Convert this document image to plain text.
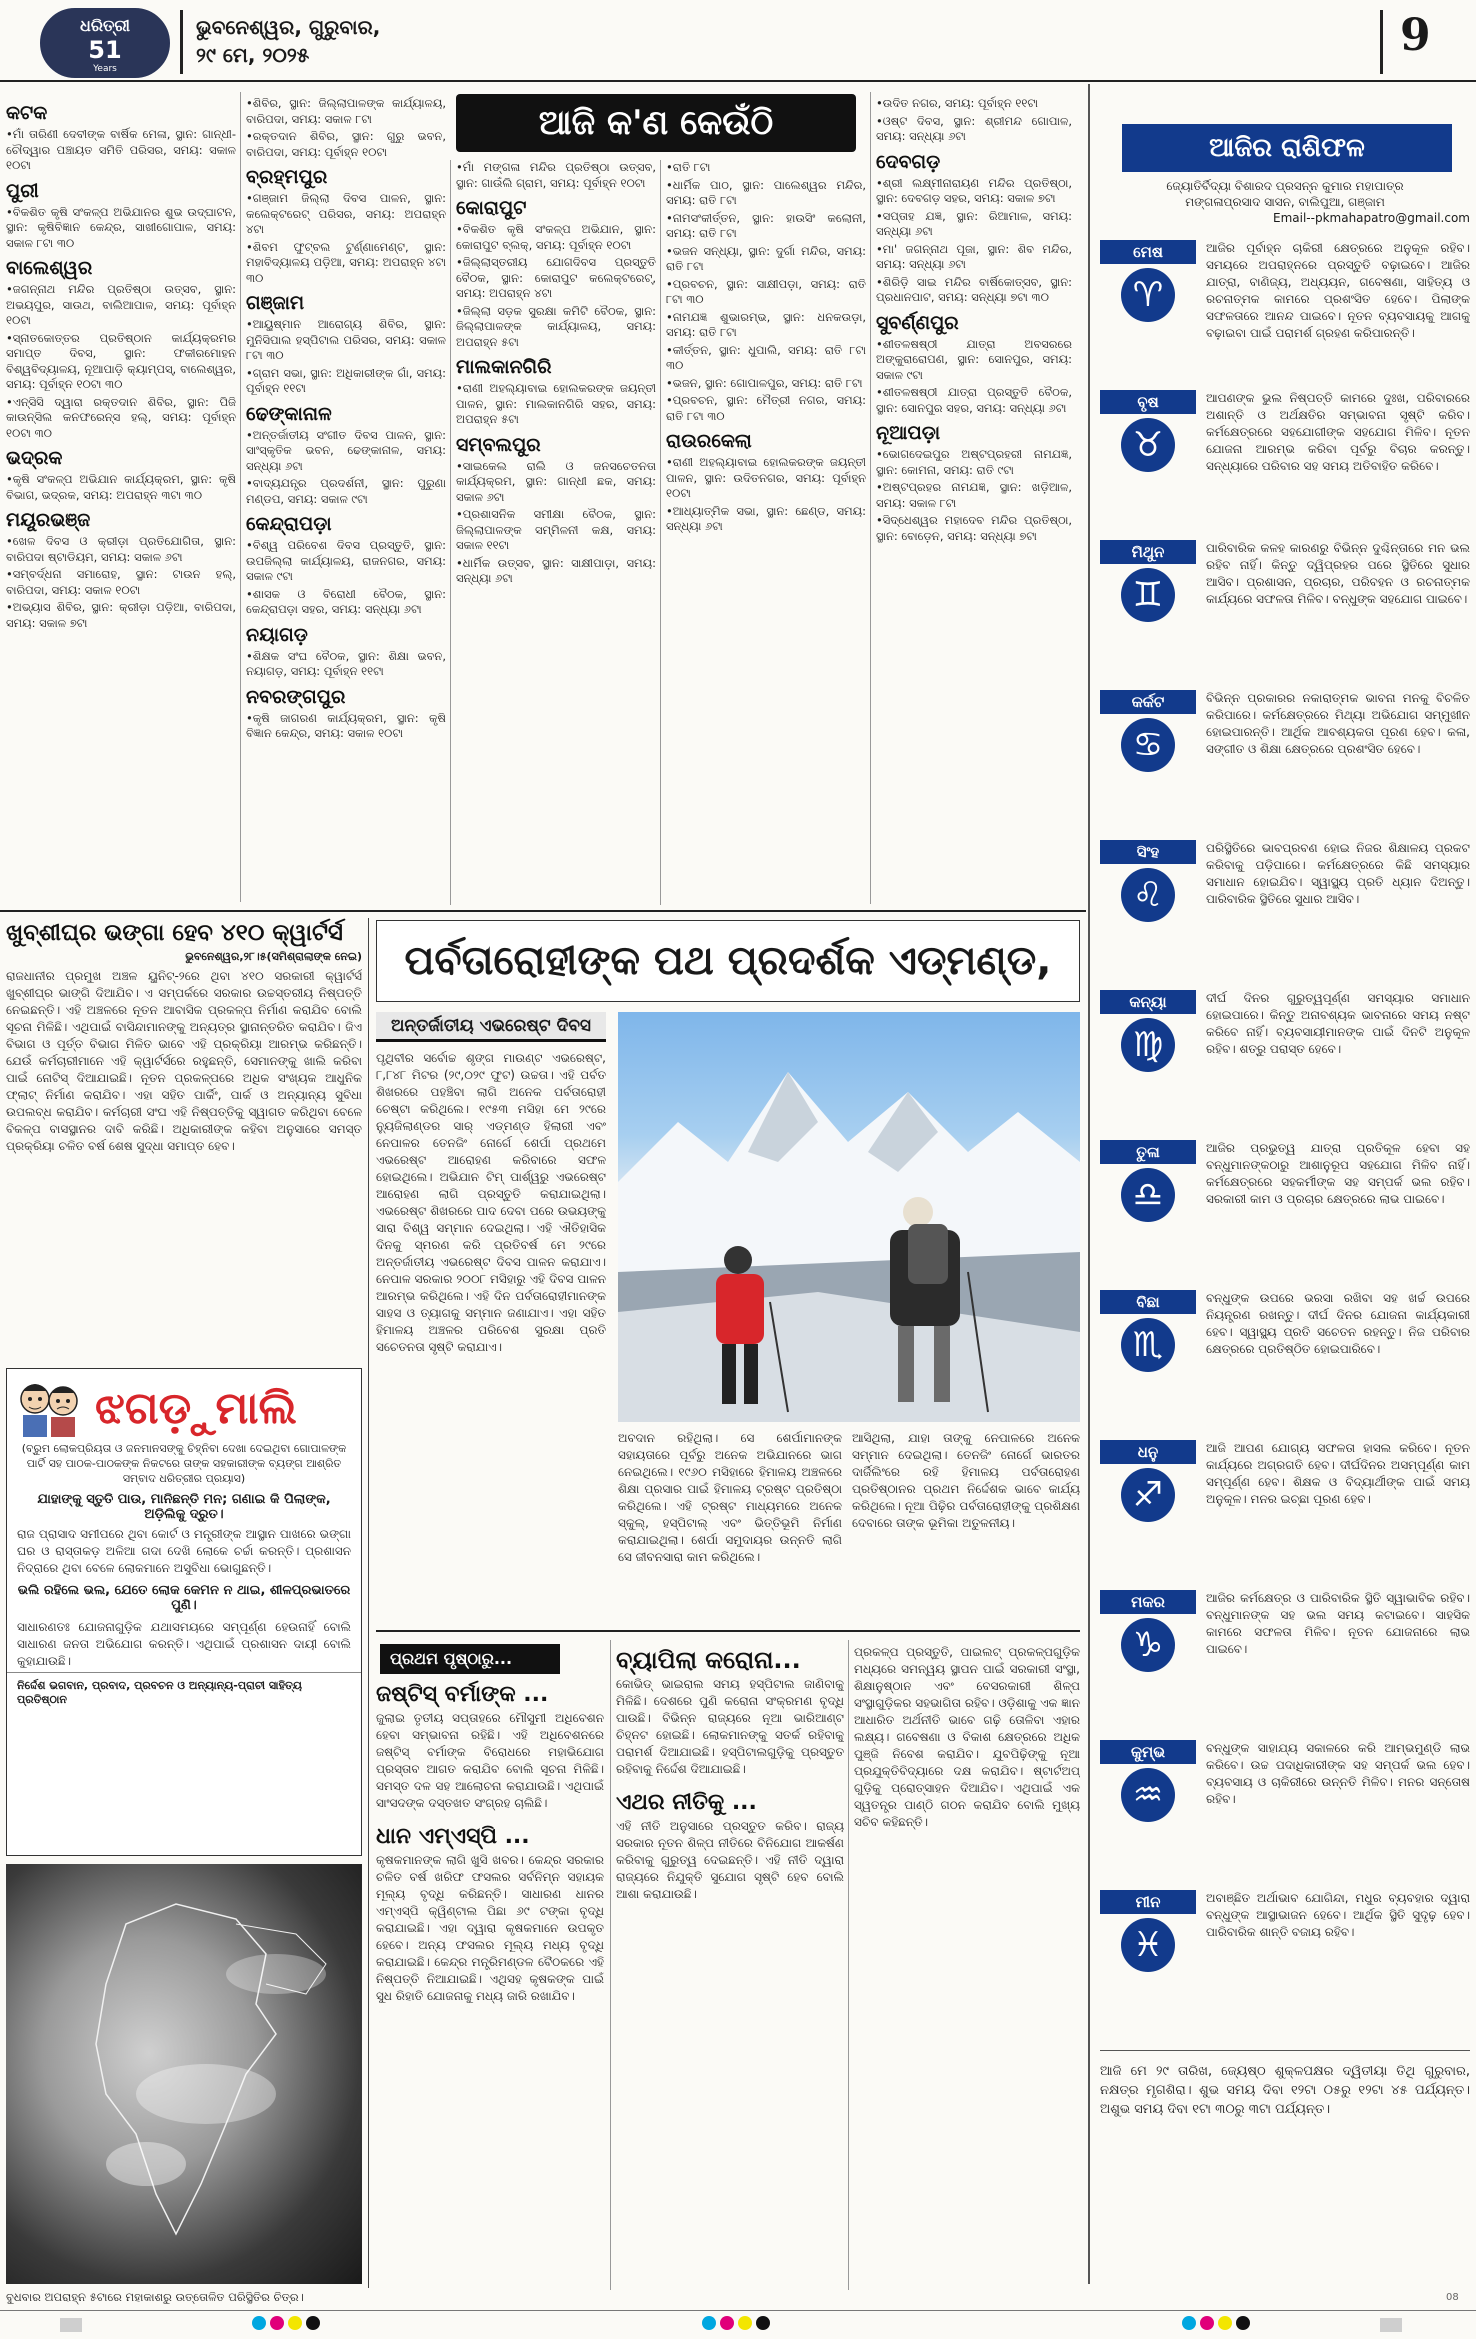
ଧରିତ୍ରୀ
51
Years
ଭୁବନେଶ୍ୱର, ଗୁରୁବାର,
୨୯ ମେ, ୨୦୨୫	9
ଆଜି କ'ଣ କେଉଁଠି
କଟକ

• ମାଁ ତାରିଣୀ ଦେବୀଙ୍କ ବାର୍ଷିକ ମେଳା, ସ୍ଥାନ: ଗାନ୍ଧୀ-ଚୌଦ୍ୱାର ପଞ୍ଚାୟତ ସମିତି ପରିସର, ସମୟ: ସକାଳ ୧୦ଟା

ପୁରୀ

• ବିକଶିତ କୃଷି ସଂକଳ୍ପ ଅଭିଯାନର ଶୁଭ ଉଦ୍‌ଘାଟନ, ସ୍ଥାନ: କୃଷିବିଜ୍ଞାନ କେନ୍ଦ୍ର, ସାଖୀଗୋପାଳ, ସମୟ: ସକାଳ ୮ଟା ୩୦

ବାଲେଶ୍ୱର

• ଜଗନ୍ନାଥ ମନ୍ଦିର ପ୍ରତିଷ୍ଠା ଉତ୍ସବ, ସ୍ଥାନ: ଅଭୟପୁର, ସାଉଥ, ବାଲିଆପାଳ, ସମୟ: ପୂର୍ବାହ୍ନ ୧୦ଟା

• ସ୍ନାତକୋତ୍ତର ପ୍ରତିଷ୍ଠାନ କାର୍ଯ୍ୟକ୍ରମର ସମାପ୍ତ ଦିବସ, ସ୍ଥାନ: ଫକୀରମୋହନ ବିଶ୍ୱବିଦ୍ୟାଳୟ, ନୂଆପାଡ଼ି କ୍ୟାମ୍ପସ୍, ବାଲେଶ୍ୱର, ସମୟ: ପୂର୍ବାହ୍ନ ୧୦ଟା ୩୦

• ଏନ୍‌ସିସି ଦ୍ୱାରା ରକ୍ତଦାନ ଶିବିର, ସ୍ଥାନ: ପିଜି କାଉନ୍ସିଲ କନଫରେନ୍ସ ହଲ୍, ସମୟ: ପୂର୍ବାହ୍ନ ୧୦ଟା ୩୦

ଭଦ୍ରକ

• କୃଷି ସଂକଳ୍ପ ଅଭିଯାନ କାର୍ଯ୍ୟକ୍ରମ, ସ୍ଥାନ: କୃଷି ବିଭାଗ, ଭଦ୍ରକ, ସମୟ: ଅପରାହ୍ନ ୩ଟା ୩୦

ମୟୂରଭଞ୍ଜ

• ଖେଳ ଦିବସ ଓ କ୍ରୀଡ଼ା ପ୍ରତିଯୋଗିତା, ସ୍ଥାନ: ବାରିପଦା ଷ୍ଟାଡିୟମ, ସମୟ: ସକାଳ ୬ଟା

• ସମ୍ବର୍ଦ୍ଧନା ସମାରୋହ, ସ୍ଥାନ: ଟାଉନ ହଲ୍, ବାରିପଦା, ସମୟ: ସକାଳ ୧୦ଟା

• ଅଭ୍ୟାସ ଶିବିର, ସ୍ଥାନ: କ୍ରୀଡ଼ା ପଡ଼ିଆ, ବାରିପଦା, ସମୟ: ସକାଳ ୭ଟା

• ଶିବିର, ସ୍ଥାନ: ଜିଲ୍ଲାପାଳଙ୍କ କାର୍ଯ୍ୟାଳୟ, ବାରିପଦା, ସମୟ: ସକାଳ ୮ଟା

• ରକ୍ତଦାନ ଶିବିର, ସ୍ଥାନ: ଗୁରୁ ଭବନ, ବାରିପଦା, ସମୟ: ପୂର୍ବାହ୍ନ ୧୦ଟା

ବ୍ରହ୍ମପୁର

• ଗଞ୍ଜାମ ଜିଲ୍ଲା ଦିବସ ପାଳନ, ସ୍ଥାନ: କଲେକ୍ଟରେଟ୍ ପରିସର, ସମୟ: ଅପରାହ୍ନ ୪ଟା

• ଶିବମ ଫୁଟ୍‌ବଲ ଟୁର୍ଣ୍ଣାମେଣ୍ଟ, ସ୍ଥାନ: ମହାବିଦ୍ୟାଳୟ ପଡ଼ିଆ, ସମୟ: ଅପରାହ୍ନ ୪ଟା ୩୦

ଗଞ୍ଜାମ

• ଆୟୁଷ୍ମାନ ଆରୋଗ୍ୟ ଶିବିର, ସ୍ଥାନ: ମୁନିସିପାଲ ହସ୍ପିଟାଲ ପରିସର, ସମୟ: ସକାଳ ୮ଟା ୩୦

• ଗ୍ରାମ ସଭା, ସ୍ଥାନ: ଅଧିକାରୀଙ୍କ ଗାଁ, ସମୟ: ପୂର୍ବାହ୍ନ ୧୧ଟା

ଢେଙ୍କାନାଳ

• ଅନ୍ତର୍ଜାତୀୟ ସଂଗୀତ ଦିବସ ପାଳନ, ସ୍ଥାନ: ସାଂସ୍କୃତିକ ଭବନ, ଢେଙ୍କାନାଳ, ସମୟ: ସନ୍ଧ୍ୟା ୬ଟା

• ବାଦ୍ୟଯନ୍ତ୍ର ପ୍ରଦର୍ଶନୀ, ସ୍ଥାନ: ପୁରୁଣା ମଣ୍ଡପ, ସମୟ: ସକାଳ ୯ଟା

କେନ୍ଦ୍ରାପଡ଼ା

• ବିଶ୍ୱ ପରିବେଶ ଦିବସ ପ୍ରସ୍ତୁତି, ସ୍ଥାନ: ଉପଜିଲ୍ଲା କାର୍ଯ୍ୟାଳୟ, ରାଜନଗର, ସମୟ: ସକାଳ ୯ଟା

• ଶାସକ ଓ ବିରୋଧୀ ବୈଠକ, ସ୍ଥାନ: କେନ୍ଦ୍ରାପଡ଼ା ସହର, ସମୟ: ସନ୍ଧ୍ୟା ୬ଟା

ନୟାଗଡ଼

• ଶିକ୍ଷକ ସଂଘ ବୈଠକ, ସ୍ଥାନ: ଶିକ୍ଷା ଭବନ, ନୟାଗଡ଼, ସମୟ: ପୂର୍ବାହ୍ନ ୧୧ଟା

ନବରଙ୍ଗପୁର

• କୃଷି ଜାଗରଣ କାର୍ଯ୍ୟକ୍ରମ, ସ୍ଥାନ: କୃଷି ବିଜ୍ଞାନ କେନ୍ଦ୍ର, ସମୟ: ସକାଳ ୧୦ଟା

• ମାଁ ମଙ୍ଗଳା ମନ୍ଦିର ପ୍ରତିଷ୍ଠା ଉତ୍ସବ, ସ୍ଥାନ: ଗାଉଁଲି ଗ୍ରାମ, ସମୟ: ପୂର୍ବାହ୍ନ ୧୦ଟା

କୋରାପୁଟ

• ବିକଶିତ କୃଷି ସଂକଳ୍ପ ଅଭିଯାନ, ସ୍ଥାନ: କୋରାପୁଟ ବ୍ଲକ୍, ସମୟ: ପୂର୍ବାହ୍ନ ୧୦ଟା

• ଜିଲ୍ଲାସ୍ତରୀୟ ଯୋଗଦିବସ ପ୍ରସ୍ତୁତି ବୈଠକ, ସ୍ଥାନ: କୋରାପୁଟ କଲେକ୍ଟରେଟ୍, ସମୟ: ଅପରାହ୍ନ ୪ଟା

• ଜିଲ୍ଲା ସଡ଼କ ସୁରକ୍ଷା କମିଟି ବୈଠକ, ସ୍ଥାନ: ଜିଲ୍ଲାପାଳଙ୍କ କାର୍ଯ୍ୟାଳୟ, ସମୟ: ଅପରାହ୍ନ ୫ଟା

ମାଲକାନଗିରି

• ରାଣୀ ଅହଲ୍ୟାବାଇ ହୋଲକରଙ୍କ ଜୟନ୍ତୀ ପାଳନ, ସ୍ଥାନ: ମାଲକାନଗିରି ସହର, ସମୟ: ଅପରାହ୍ନ ୫ଟା

ସମ୍ବଲପୁର

• ସାଇକେଲ ରାଲି ଓ ଜନସଚେତନତା କାର୍ଯ୍ୟକ୍ରମ, ସ୍ଥାନ: ଗାନ୍ଧୀ ଛକ, ସମୟ: ସକାଳ ୬ଟା

• ପ୍ରଶାସନିକ ସମୀକ୍ଷା ବୈଠକ, ସ୍ଥାନ: ଜିଲ୍ଲାପାଳଙ୍କ ସମ୍ମିଳନୀ କକ୍ଷ, ସମୟ: ସକାଳ ୧୧ଟା

• ଧାର୍ମିକ ଉତ୍ସବ, ସ୍ଥାନ: ସାକ୍ଷୀପାଡ଼ା, ସମୟ: ସନ୍ଧ୍ୟା ୬ଟା

• ରାତି ୮ଟା

• ଧାର୍ମିକ ପାଠ, ସ୍ଥାନ: ପାଲେଶ୍ୱର ମନ୍ଦିର, ସମୟ: ରାତି ୮ଟା

• ନାମସଂକୀର୍ତ୍ତନ, ସ୍ଥାନ: ହାଉସିଂ କଲୋନୀ, ସମୟ: ରାତି ୮ଟା

• ଭଜନ ସନ୍ଧ୍ୟା, ସ୍ଥାନ: ଦୁର୍ଗା ମନ୍ଦିର, ସମୟ: ରାତି ୮ଟା

• ପ୍ରବଚନ, ସ୍ଥାନ: ସାକ୍ଷୀପଡ଼ା, ସମୟ: ରାତି ୮ଟା ୩୦

• ନାମଯଜ୍ଞ ଶୁଭାରମ୍ଭ, ସ୍ଥାନ: ଧନକଉଡ଼ା, ସମୟ: ରାତି ୮ଟା

• କୀର୍ତ୍ତନ, ସ୍ଥାନ: ଧୁପାଲି, ସମୟ: ରାତି ୮ଟା ୩୦

• ଭଜନ, ସ୍ଥାନ: ଗୋପାଳପୁର, ସମୟ: ରାତି ୮ଟା

• ପ୍ରବଚନ, ସ୍ଥାନ: ମୈତ୍ରୀ ନଗର, ସମୟ: ରାତି ୮ଟା ୩୦

ରାଉରକେଲା

• ରାଣୀ ଅହଲ୍ୟାବାଇ ହୋଲକରଙ୍କ ଜୟନ୍ତୀ ପାଳନ, ସ୍ଥାନ: ଉଦିତନଗର, ସମୟ: ପୂର୍ବାହ୍ନ ୧୦ଟା

• ଆଧ୍ୟାତ୍ମିକ ସଭା, ସ୍ଥାନ: ଛେଣ୍ଡ, ସମୟ: ସନ୍ଧ୍ୟା ୬ଟା

• ଉଦିତ ନଗର, ସମୟ: ପୂର୍ବାହ୍ନ ୧୧ଟା

• ଓଷ୍ଟ ଦିବସ, ସ୍ଥାନ: ଶ୍ରୀମନ୍ଦ ଗୋପାଳ, ସମୟ: ସନ୍ଧ୍ୟା ୬ଟା

ଦେବଗଡ଼

• ଶ୍ରୀ ଲକ୍ଷ୍ମୀନାରାୟଣ ମନ୍ଦିର ପ୍ରତିଷ୍ଠା, ସ୍ଥାନ: ଦେବଗଡ଼ ସହର, ସମୟ: ସକାଳ ୭ଟା

• ସପ୍ତାହ ଯଜ୍ଞ, ସ୍ଥାନ: ରିଆମାଳ, ସମୟ: ସନ୍ଧ୍ୟା ୬ଟା

• ମା' ଜଗନ୍ନାଥ ପୂଜା, ସ୍ଥାନ: ଶିବ ମନ୍ଦିର, ସମୟ: ସନ୍ଧ୍ୟା ୬ଟା

• ଶିରିଡ଼ି ସାଇ ମନ୍ଦିର ବାର୍ଷିକୋତ୍ସବ, ସ୍ଥାନ: ପ୍ରଧାନପାଟ, ସମୟ: ସନ୍ଧ୍ୟା ୭ଟା ୩୦

ସୁବର୍ଣ୍ଣପୁର

• ଶୀତଳଷଷ୍ଠୀ ଯାତ୍ରା ଅବସରରେ ଅଙ୍କୁରାରୋପଣ, ସ୍ଥାନ: ସୋନପୁର, ସମୟ: ସକାଳ ୯ଟା

• ଶୀତଳଷଷ୍ଠୀ ଯାତ୍ରା ପ୍ରସ୍ତୁତି ବୈଠକ, ସ୍ଥାନ: ସୋନପୁର ସହର, ସମୟ: ସନ୍ଧ୍ୟା ୬ଟା

ନୂଆପଡ଼ା

• ଭୋଗଦେଇପୁର ଅଷ୍ଟପ୍ରହରୀ ନାମଯଜ୍ଞ, ସ୍ଥାନ: କୋମନା, ସମୟ: ରାତି ୯ଟା

• ଅଷ୍ଟପ୍ରହର ନାମଯଜ୍ଞ, ସ୍ଥାନ: ଖଡ଼ିଆଳ, ସମୟ: ସକାଳ ୮ଟା

• ସିଦ୍ଧେଶ୍ୱର ମହାଦେବ ମନ୍ଦିର ପ୍ରତିଷ୍ଠା, ସ୍ଥାନ: ବୋଡ଼େନ, ସମୟ: ସନ୍ଧ୍ୟା ୭ଟା

ଆଜିର ରାଶିଫଳ
ଜ୍ୟୋତିର୍ବିଦ୍ୟା ବିଶାରଦ ପ୍ରସନ୍ନ କୁମାର ମହାପାତ୍ର
ମଙ୍ଗଳାପ୍ରସାଦ ସାସନ, ବାଲିପୁଆ, ଗଞ୍ଜାମ
Email--pkmahapatro@gmail.com
ମେଷ
♈
ଆଜିର ପୂର୍ବାହ୍ନ ଚାକିରୀ କ୍ଷେତ୍ରରେ ଅନୁକୂଳ ରହିବ। ସମୟରେ ଅପରାହ୍ନରେ ପ୍ରସ୍ତୁତି ବଢ଼ାଇବେ। ଆଜିର ଯାତ୍ରା, ବାଣିଜ୍ୟ, ଅଧ୍ୟୟନ, ଗବେଷଣା, ସାହିତ୍ୟ ଓ ରଚନାତ୍ମକ କାମରେ ପ୍ରଶଂସିତ ହେବେ। ପିଲାଙ୍କ ସଫଳତାରେ ଆନନ୍ଦ ପାଇବେ। ନୂତନ ବ୍ୟବସାୟକୁ ଆଗକୁ ବଢ଼ାଇବା ପାଇଁ ପରାମର୍ଶ ଗ୍ରହଣ କରିପାରନ୍ତି।
ବୃଷ
♉
ଆପଣଙ୍କ ଭୁଲ ନିଷ୍ପତ୍ତି କାମରେ ଦୁଃଖ, ପରିବାରରେ ଅଶାନ୍ତି ଓ ଅର୍ଥକ୍ଷତିର ସମ୍ଭାବନା ସୃଷ୍ଟି କରିବ। କର୍ମକ୍ଷେତ୍ରରେ ସହଯୋଗୀଙ୍କ ସହଯୋଗ ମିଳିବ। ନୂତନ ଯୋଜନା ଆରମ୍ଭ କରିବା ପୂର୍ବରୁ ବିଚାର କରନ୍ତୁ। ସନ୍ଧ୍ୟାରେ ପରିବାର ସହ ସମୟ ଅତିବାହିତ କରିବେ।
ମିଥୁନ
♊
ପାରିବାରିକ କଳହ କାରଣରୁ ବିଭିନ୍ନ ଦୁଶ୍ଚିନ୍ତାରେ ମନ ଭଲ ରହିବ ନାହିଁ। କିନ୍ତୁ ଦ୍ୱିପ୍ରହର ପରେ ସ୍ଥିତିରେ ସୁଧାର ଆସିବ। ପ୍ରଶାସନ, ପ୍ରଚାର, ପରିବହନ ଓ ରଚନାତ୍ମକ କାର୍ଯ୍ୟରେ ସଫଳତା ମିଳିବ। ବନ୍ଧୁଙ୍କ ସହଯୋଗ ପାଇବେ।
କର୍କଟ
♋
ବିଭିନ୍ନ ପ୍ରକାରର ନକାରାତ୍ମକ ଭାବନା ମନକୁ ବିଚଳିତ କରିପାରେ। କର୍ମକ୍ଷେତ୍ରରେ ମିଥ୍ୟା ଅଭିଯୋଗ ସମ୍ମୁଖୀନ ହୋଇପାରନ୍ତି। ଆର୍ଥିକ ଆବଶ୍ୟକତା ପୂରଣ ହେବ। କଳା, ସଙ୍ଗୀତ ଓ ଶିକ୍ଷା କ୍ଷେତ୍ରରେ ପ୍ରଶଂସିତ ହେବେ।
ସିଂହ
♌
ପରିସ୍ଥିତିରେ ଭାବପ୍ରବଣ ହୋଇ ନିଜର ଶିକ୍ଷାଳୟ ପ୍ରକଟ କରିବାକୁ ପଡ଼ିପାରେ। କର୍ମକ୍ଷେତ୍ରରେ କିଛି ସମସ୍ୟାର ସମାଧାନ ହୋଇଯିବ। ସ୍ୱାସ୍ଥ୍ୟ ପ୍ରତି ଧ୍ୟାନ ଦିଅନ୍ତୁ। ପାରିବାରିକ ସ୍ଥିତିରେ ସୁଧାର ଆସିବ।
କନ୍ୟା
♍
ଦୀର୍ଘ ଦିନର ଗୁରୁତ୍ୱପୂର୍ଣ୍ଣ ସମସ୍ୟାର ସମାଧାନ ହୋଇପାରେ। କିନ୍ତୁ ଅନାବଶ୍ୟକ ଭାବନାରେ ସମୟ ନଷ୍ଟ କରିବେ ନାହିଁ। ବ୍ୟବସାୟୀମାନଙ୍କ ପାଇଁ ଦିନଟି ଅନୁକୂଳ ରହିବ। ଶତ୍ରୁ ପରାସ୍ତ ହେବେ।
ତୁଳା
♎
ଆଜିର ପ୍ରଭୁତ୍ୱ ଯାତ୍ରା ପ୍ରତିକୂଳ ହେବା ସହ ବନ୍ଧୁମାନଙ୍କଠାରୁ ଆଶାନୁରୂପ ସହଯୋଗ ମିଳିବ ନାହିଁ। କର୍ମକ୍ଷେତ୍ରରେ ସହକର୍ମୀଙ୍କ ସହ ସମ୍ପର୍କ ଭଲ ରହିବ। ସରକାରୀ କାମ ଓ ପ୍ରଚାର କ୍ଷେତ୍ରରେ ଲାଭ ପାଇବେ।
ବିଛା
♏
ବନ୍ଧୁଙ୍କ ଉପରେ ଭରସା ରଖିବା ସହ ଖର୍ଚ୍ଚ ଉପରେ ନିୟନ୍ତ୍ରଣ ରଖନ୍ତୁ। ଦୀର୍ଘ ଦିନର ଯୋଜନା କାର୍ଯ୍ୟକାରୀ ହେବ। ସ୍ୱାସ୍ଥ୍ୟ ପ୍ରତି ସଚେତନ ରହନ୍ତୁ। ନିଜ ପରିବାର କ୍ଷେତ୍ରରେ ପ୍ରତିଷ୍ଠିତ ହୋଇପାରିବେ।
ଧନୁ
♐
ଆଜି ଆପଣ ଯୋଗ୍ୟ ସଫଳତା ହାସଲ କରିବେ। ନୂତନ କାର୍ଯ୍ୟରେ ଅଗ୍ରଗତି ହେବ। ଦୀର୍ଘଦିନର ଅସମ୍ପୂର୍ଣ୍ଣ କାମ ସମ୍ପୂର୍ଣ୍ଣ ହେବ। ଶିକ୍ଷକ ଓ ବିଦ୍ୟାର୍ଥୀଙ୍କ ପାଇଁ ସମୟ ଅନୁକୂଳ। ମନର ଇଚ୍ଛା ପୂରଣ ହେବ।
ମକର
♑
ଆଜିର କର୍ମକ୍ଷେତ୍ର ଓ ପାରିବାରିକ ସ୍ଥିତି ସ୍ୱାଭାବିକ ରହିବ। ବନ୍ଧୁମାନଙ୍କ ସହ ଭଲ ସମୟ କଟାଇବେ। ସାହସିକ କାମରେ ସଫଳତା ମିଳିବ। ନୂତନ ଯୋଜନାରେ ଲାଭ ପାଇବେ।
କୁମ୍ଭ
♒
ବନ୍ଧୁଙ୍କ ସାହାଯ୍ୟ ସକାଳରେ କରି ଆମ୍ଭମୁଣ୍ଡି ଲାଭ କରିବେ। ଉଚ୍ଚ ପଦାଧିକାରୀଙ୍କ ସହ ସମ୍ପର୍କ ଭଲ ହେବ। ବ୍ୟବସାୟ ଓ ଚାକିରୀରେ ଉନ୍ନତି ମିଳିବ। ମନର ସନ୍ତୋଷ ରହିବ।
ମୀନ
♓
ଅବାଞ୍ଛିତ ଅର୍ଥାଭାବ ଯୋଗିନ୍ଦା, ମଧୁର ବ୍ୟବହାର ଦ୍ୱାରା ବନ୍ଧୁଙ୍କ ଆସ୍ଥାଭାଜନ ହେବେ। ଆର୍ଥିକ ସ୍ଥିତି ସୁଦୃଢ଼ ହେବ। ପାରିବାରିକ ଶାନ୍ତି ବଜାୟ ରହିବ।
ଆଜି ମେ ୨୯ ତାରିଖ, ଜ୍ୟେଷ୍ଠ ଶୁକ୍ଳପକ୍ଷର ଦ୍ୱିତୀୟା ତିଥି ଗୁରୁବାର, ନକ୍ଷତ୍ର ମୃଗଶିରା। ଶୁଭ ସମୟ ଦିବା ୧୨ଟା ୦୫ରୁ ୧୨ଟା ୪୫ ପର୍ଯ୍ୟନ୍ତ। ଅଶୁଭ ସମୟ ଦିବା ୧ଟା ୩୦ରୁ ୩ଟା ପର୍ଯ୍ୟନ୍ତ।
ଖୁବ୍‌ଶୀଘ୍ର ଭଙ୍ଗା ହେବ ୪୧୦ କ୍ୱାର୍ଟର୍ସ
ଭୁବନେଶ୍ୱର,୨୮।୫(ସମିଶ୍ରାଲାଙ୍କ ନେଇ)
ରାଜଧାନୀର ପ୍ରମୁଖ ଅଞ୍ଚଳ ୟୁନିଟ୍-୨ରେ ଥିବା ୪୧୦ ସରକାରୀ କ୍ୱାର୍ଟର୍ସ ଖୁବ୍‌ଶୀଘ୍ର ଭାଙ୍ଗି ଦିଆଯିବ। ଏ ସମ୍ପର୍କରେ ସରକାର ଉଚ୍ଚସ୍ତରୀୟ ନିଷ୍ପତ୍ତି ନେଇଛନ୍ତି। ଏହି ଅଞ୍ଚଳରେ ନୂତନ ଆବାସିକ ପ୍ରକଳ୍ପ ନିର୍ମାଣ କରାଯିବ ବୋଲି ସୂଚନା ମିଳିଛି। ଏଥିପାଇଁ ବାସିନ୍ଦାମାନଙ୍କୁ ଅନ୍ୟତ୍ର ସ୍ଥାନାନ୍ତରିତ କରାଯିବ। ଜିଏ ବିଭାଗ ଓ ପୂର୍ତ୍ତ ବିଭାଗ ମିଳିତ ଭାବେ ଏହି ପ୍ରକ୍ରିୟା ଆରମ୍ଭ କରିଛନ୍ତି। ଯେଉଁ କର୍ମଚାରୀମାନେ ଏହି କ୍ୱାର୍ଟର୍ସରେ ରହୁଛନ୍ତି, ସେମାନଙ୍କୁ ଖାଲି କରିବା ପାଇଁ ନୋଟିସ୍ ଦିଆଯାଇଛି। ନୂତନ ପ୍ରକଳ୍ପରେ ଅଧିକ ସଂଖ୍ୟକ ଆଧୁନିକ ଫ୍ଲାଟ୍ ନିର୍ମାଣ କରାଯିବ। ଏହା ସହିତ ପାର୍କିଂ, ପାର୍କ ଓ ଅନ୍ୟାନ୍ୟ ସୁବିଧା ଉପଲବ୍ଧ କରାଯିବ। କର୍ମଚାରୀ ସଂଘ ଏହି ନିଷ୍ପତ୍ତିକୁ ସ୍ୱାଗତ କରିଥିବା ବେଳେ ବିକଳ୍ପ ବାସସ୍ଥାନର ଦାବି କରିଛି। ଅଧିକାରୀଙ୍କ କହିବା ଅନୁସାରେ ସମସ୍ତ ପ୍ରକ୍ରିୟା ଚଳିତ ବର୍ଷ ଶେଷ ସୁଦ୍ଧା ସମାପ୍ତ ହେବ।
ଝଗଡ଼ୁମାଲି
(ବ୍ରୁମ ଲୋକପ୍ରିୟତା ଓ ଜନମାନସଙ୍କୁ ଚିହ୍ନିବା ଦେଖା ଦେଇଥିବା ଗୋପାଳଙ୍କ ପାର୍ଟି ସହ ପାଠକ-ପାଠକଙ୍କ ନିକଟରେ ତାଙ୍କ ସହକାରୀଙ୍କ ବ୍ୟଙ୍ଗ ଆଶ୍ରିତ ସମ୍ବାଦ ଧରିତ୍ରୀର ପ୍ରୟାସ)
ଯାହାଙ୍କୁ ସ୍ତୁତି ପାଉ, ମାନିଛନ୍ତି ମନ; ଗଣାଇ କି ପିଲାଙ୍କ, ଅଡ଼ିଲିକୁ ଦ୍ରୁତ।
ରାଜ ପ୍ରାସାଦ ସମୀପରେ ଥିବା କୋର୍ଟ ଓ ମନ୍ତ୍ରୀଙ୍କ ଆସ୍ଥାନ ପାଖରେ ଭଙ୍ଗା ଘର ଓ ରାସ୍ତାକଡ଼ ଅଳିଆ ଗଦା ଦେଖି ଲୋକେ ଚର୍ଚ୍ଚା କରନ୍ତି। ପ୍ରଶାସନ ନିଦ୍ରାରେ ଥିବା ବେଳେ ଲୋକମାନେ ଅସୁବିଧା ଭୋଗୁଛନ୍ତି।
ଭଲି ରହିଲେ ଭଲ, ଯେତେ ଲୋକ କେମନ ନ ଥାଇ, ଶୀଳପ୍ରଭାତରେ ପୁଣି।
ସାଧାରଣତଃ ଯୋଜନାଗୁଡ଼ିକ ଯଥାସମୟରେ ସମ୍ପୂର୍ଣ୍ଣ ହେଉନାହିଁ ବୋଲି ସାଧାରଣ ଜନତା ଅଭିଯୋଗ କରନ୍ତି। ଏଥିପାଇଁ ପ୍ରଶାସନ ଦାୟୀ ବୋଲି କୁହାଯାଉଛି।
ନିର୍ଦ୍ଦେଶ ଭଗବାନ, ପ୍ରବାଦ, ପ୍ରବଚନ ଓ ଅନ୍ୟାନ୍ୟ-ପ୍ରାଚୀ ସାହିତ୍ୟ ପ୍ରତିଷ୍ଠାନ
ବୁଧବାର ଅପରାହ୍ନ ୫ଟାରେ ମହାକାଶରୁ ଉତ୍ତୋଳିତ ପରିସ୍ଥିତିର ଚିତ୍ର।
ପର୍ବତାରୋହୀଙ୍କ ପଥ ପ୍ରଦର୍ଶକ ଏଡ୍‌ମଣ୍ଡ,
ଅନ୍ତର୍ଜାତୀୟ ଏଭରେଷ୍ଟ ଦିବସ
ପୃଥିବୀର ସର୍ବୋଚ୍ଚ ଶୃଙ୍ଗ ମାଉଣ୍ଟ ଏଭରେଷ୍ଟ, ୮,୮୪୮ ମିଟର (୨୯,୦୨୯ ଫୁଟ) ଉଚ୍ଚତା। ଏହି ପର୍ବତ ଶିଖରରେ ପହଞ୍ଚିବା ଲାଗି ଅନେକ ପର୍ବତାରୋହୀ ଚେଷ୍ଟା କରିଥିଲେ। ୧୯୫୩ ମସିହା ମେ ୨୯ରେ ନ୍ୟୁଜିଲାଣ୍ଡର ସାର୍ ଏଡ୍‌ମଣ୍ଡ ହିଲାରୀ ଏବଂ ନେପାଳର ତେନଜିଂ ନୋର୍ଗେ ଶେର୍ପା ପ୍ରଥମେ ଏଭରେଷ୍ଟ ଆରୋହଣ କରିବାରେ ସଫଳ ହୋଇଥିଲେ। ଅଭିଯାନ ଟିମ୍ ପାର୍ଶ୍ୱରୁ ଏଭରେଷ୍ଟ ଆରୋହଣ ଲାଗି ପ୍ରସ୍ତୁତି କରାଯାଇଥିଲା। ଏଭରେଷ୍ଟ ଶିଖରରେ ପାଦ ଦେବା ପରେ ଉଭୟଙ୍କୁ ସାରା ବିଶ୍ୱ ସମ୍ମାନ ଦେଇଥିଲା। ଏହି ଐତିହାସିକ ଦିନକୁ ସ୍ମରଣ କରି ପ୍ରତିବର୍ଷ ମେ ୨୯ରେ ଅନ୍ତର୍ଜାତୀୟ ଏଭରେଷ୍ଟ ଦିବସ ପାଳନ କରାଯାଏ। ନେପାଳ ସରକାର ୨୦୦୮ ମସିହାରୁ ଏହି ଦିବସ ପାଳନ ଆରମ୍ଭ କରିଥିଲେ। ଏହି ଦିନ ପର୍ବତାରୋହୀମାନଙ୍କ ସାହସ ଓ ତ୍ୟାଗକୁ ସମ୍ମାନ ଜଣାଯାଏ। ଏହା ସହିତ ହିମାଳୟ ଅଞ୍ଚଳର ପରିବେଶ ସୁରକ୍ଷା ପ୍ରତି ସଚେତନତା ସୃଷ୍ଟି କରାଯାଏ।
ଅବଦାନ ରହିଥିଲା। ସେ ଶେର୍ପାମାନଙ୍କ ସହାୟତାରେ ପୂର୍ବରୁ ଅନେକ ଅଭିଯାନରେ ଭାଗ ନେଇଥିଲେ। ୧୯୬୦ ମସିହାରେ ହିମାଳୟ ଅଞ୍ଚଳରେ ଶିକ୍ଷା ପ୍ରସାର ପାଇଁ ହିମାଳୟ ଟ୍ରଷ୍ଟ ପ୍ରତିଷ୍ଠା କରିଥିଲେ। ଏହି ଟ୍ରଷ୍ଟ ମାଧ୍ୟମରେ ଅନେକ ସ୍କୁଲ୍, ହସ୍ପିଟାଲ୍ ଏବଂ ଭିତ୍ତିଭୂମି ନିର୍ମାଣ କରାଯାଇଥିଲା। ଶେର୍ପା ସମୁଦାୟର ଉନ୍ନତି ଲାଗି ସେ ଜୀବନସାରା କାମ କରିଥିଲେ।
ଆସିଥିଲା, ଯାହା ତାଙ୍କୁ ନେପାଳରେ ଅନେକ ସମ୍ମାନ ଦେଇଥିଲା। ତେନଜିଂ ନୋର୍ଗେ ଭାରତର ଦାର୍ଜିଲିଂରେ ରହି ହିମାଳୟ ପର୍ବତାରୋହଣ ପ୍ରତିଷ୍ଠାନର ପ୍ରଥମ ନିର୍ଦ୍ଦେଶକ ଭାବେ କାର୍ଯ୍ୟ କରିଥିଲେ। ନୂଆ ପିଢ଼ିର ପର୍ବତାରୋହୀଙ୍କୁ ପ୍ରଶିକ୍ଷଣ ଦେବାରେ ତାଙ୍କ ଭୂମିକା ଅତୁଳନୀୟ।
ପ୍ରଥମ ପୃଷ୍ଠାରୁ...
ଜଷ୍ଟିସ୍ ବର୍ମାଙ୍କ ...
ଜୁଲାଇ ତୃତୀୟ ସପ୍ତାହରେ ମୌସୁମୀ ଅଧିବେଶନ ହେବା ସମ୍ଭାବନା ରହିଛି। ଏହି ଅଧିବେଶନରେ ଜଷ୍ଟିସ୍ ବର୍ମାଙ୍କ ବିରୋଧରେ ମହାଭିଯୋଗ ପ୍ରସ୍ତାବ ଆଗତ କରାଯିବ ବୋଲି ସୂଚନା ମିଳିଛି। ସମସ୍ତ ଦଳ ସହ ଆଲୋଚନା କରାଯାଉଛି। ଏଥିପାଇଁ ସାଂସଦଙ୍କ ଦସ୍ତଖତ ସଂଗ୍ରହ ଚାଲିଛି।
ଧାନ ଏମ୍‌ଏସ୍‌ପି ...
କୃଷକମାନଙ୍କ ଲାଗି ଖୁସି ଖବର। କେନ୍ଦ୍ର ସରକାର ଚଳିତ ବର୍ଷ ଖରିଫ ଫସଲର ସର୍ବନିମ୍ନ ସହାୟକ ମୂଲ୍ୟ ବୃଦ୍ଧି କରିଛନ୍ତି। ସାଧାରଣ ଧାନର ଏମ୍‌ଏସ୍‌ପି କ୍ୱିଣ୍ଟାଲ ପିଛା ୬୯ ଟଙ୍କା ବୃଦ୍ଧି କରାଯାଇଛି। ଏହା ଦ୍ୱାରା କୃଷକମାନେ ଉପକୃତ ହେବେ। ଅନ୍ୟ ଫସଲର ମୂଲ୍ୟ ମଧ୍ୟ ବୃଦ୍ଧି କରାଯାଇଛି। କେନ୍ଦ୍ର ମନ୍ତ୍ରିମଣ୍ଡଳ ବୈଠକରେ ଏହି ନିଷ୍ପତ୍ତି ନିଆଯାଇଛି। ଏଥିସହ କୃଷକଙ୍କ ପାଇଁ ସୁଧ ରିହାତି ଯୋଜନାକୁ ମଧ୍ୟ ଜାରି ରଖାଯିବ।
ବ୍ୟାପିଲା କରୋନା...
କୋଭିଡ୍ ଭାଇରାଲ ସମୟ ହସ୍ପିଟାଲ ଜାଣିବାକୁ ମିଳିଛି। ଦେଶରେ ପୁଣି କରୋନା ସଂକ୍ରମଣ ବୃଦ୍ଧି ପାଉଛି। ବିଭିନ୍ନ ରାଜ୍ୟରେ ନୂଆ ଭାରିଆଣ୍ଟ ଚିହ୍ନଟ ହୋଇଛି। ଲୋକମାନଙ୍କୁ ସତର୍କ ରହିବାକୁ ପରାମର୍ଶ ଦିଆଯାଇଛି। ହସ୍ପିଟାଲଗୁଡ଼ିକୁ ପ୍ରସ୍ତୁତ ରହିବାକୁ ନିର୍ଦ୍ଦେଶ ଦିଆଯାଇଛି।
ଏଥର ନୀତିକୁ ...
ଏହି ନୀତି ଅନୁସାରେ ପ୍ରସ୍ତୁତ କରିବ। ରାଜ୍ୟ ସରକାର ନୂତନ ଶିଳ୍ପ ନୀତିରେ ବିନିଯୋଗ ଆକର୍ଷଣ କରିବାକୁ ଗୁରୁତ୍ୱ ଦେଇଛନ୍ତି। ଏହି ନୀତି ଦ୍ୱାରା ରାଜ୍ୟରେ ନିଯୁକ୍ତି ସୁଯୋଗ ସୃଷ୍ଟି ହେବ ବୋଲି ଆଶା କରାଯାଉଛି।
ପ୍ରକଳ୍ପ ପ୍ରସ୍ତୁତି, ପାଇଲଟ୍ ପ୍ରକଳ୍ପଗୁଡ଼ିକ ମଧ୍ୟରେ ସମନ୍ୱୟ ସ୍ଥାପନ ପାଇଁ ସରକାରୀ ସଂସ୍ଥା, ଶିକ୍ଷାନୁଷ୍ଠାନ ଏବଂ ବେସରକାରୀ ଶିଳ୍ପ ସଂସ୍ଥାଗୁଡ଼ିକର ସହଭାଗିତା ରହିବ। ଓଡ଼ିଶାକୁ ଏକ ଜ୍ଞାନ ଆଧାରିତ ଅର୍ଥନୀତି ଭାବେ ଗଢ଼ି ତୋଳିବା ଏହାର ଲକ୍ଷ୍ୟ। ଗବେଷଣା ଓ ବିକାଶ କ୍ଷେତ୍ରରେ ଅଧିକ ପୁଞ୍ଜି ନିବେଶ କରାଯିବ। ଯୁବପିଢ଼ିଙ୍କୁ ନୂଆ ପ୍ରଯୁକ୍ତିବିଦ୍ୟାରେ ଦକ୍ଷ କରାଯିବ। ଷ୍ଟାର୍ଟଅପ୍ ଗୁଡ଼ିକୁ ପ୍ରୋତ୍ସାହନ ଦିଆଯିବ। ଏଥିପାଇଁ ଏକ ସ୍ୱତନ୍ତ୍ର ପାଣ୍ଠି ଗଠନ କରାଯିବ ବୋଲି ମୁଖ୍ୟ ସଚିବ କହିଛନ୍ତି।
08
